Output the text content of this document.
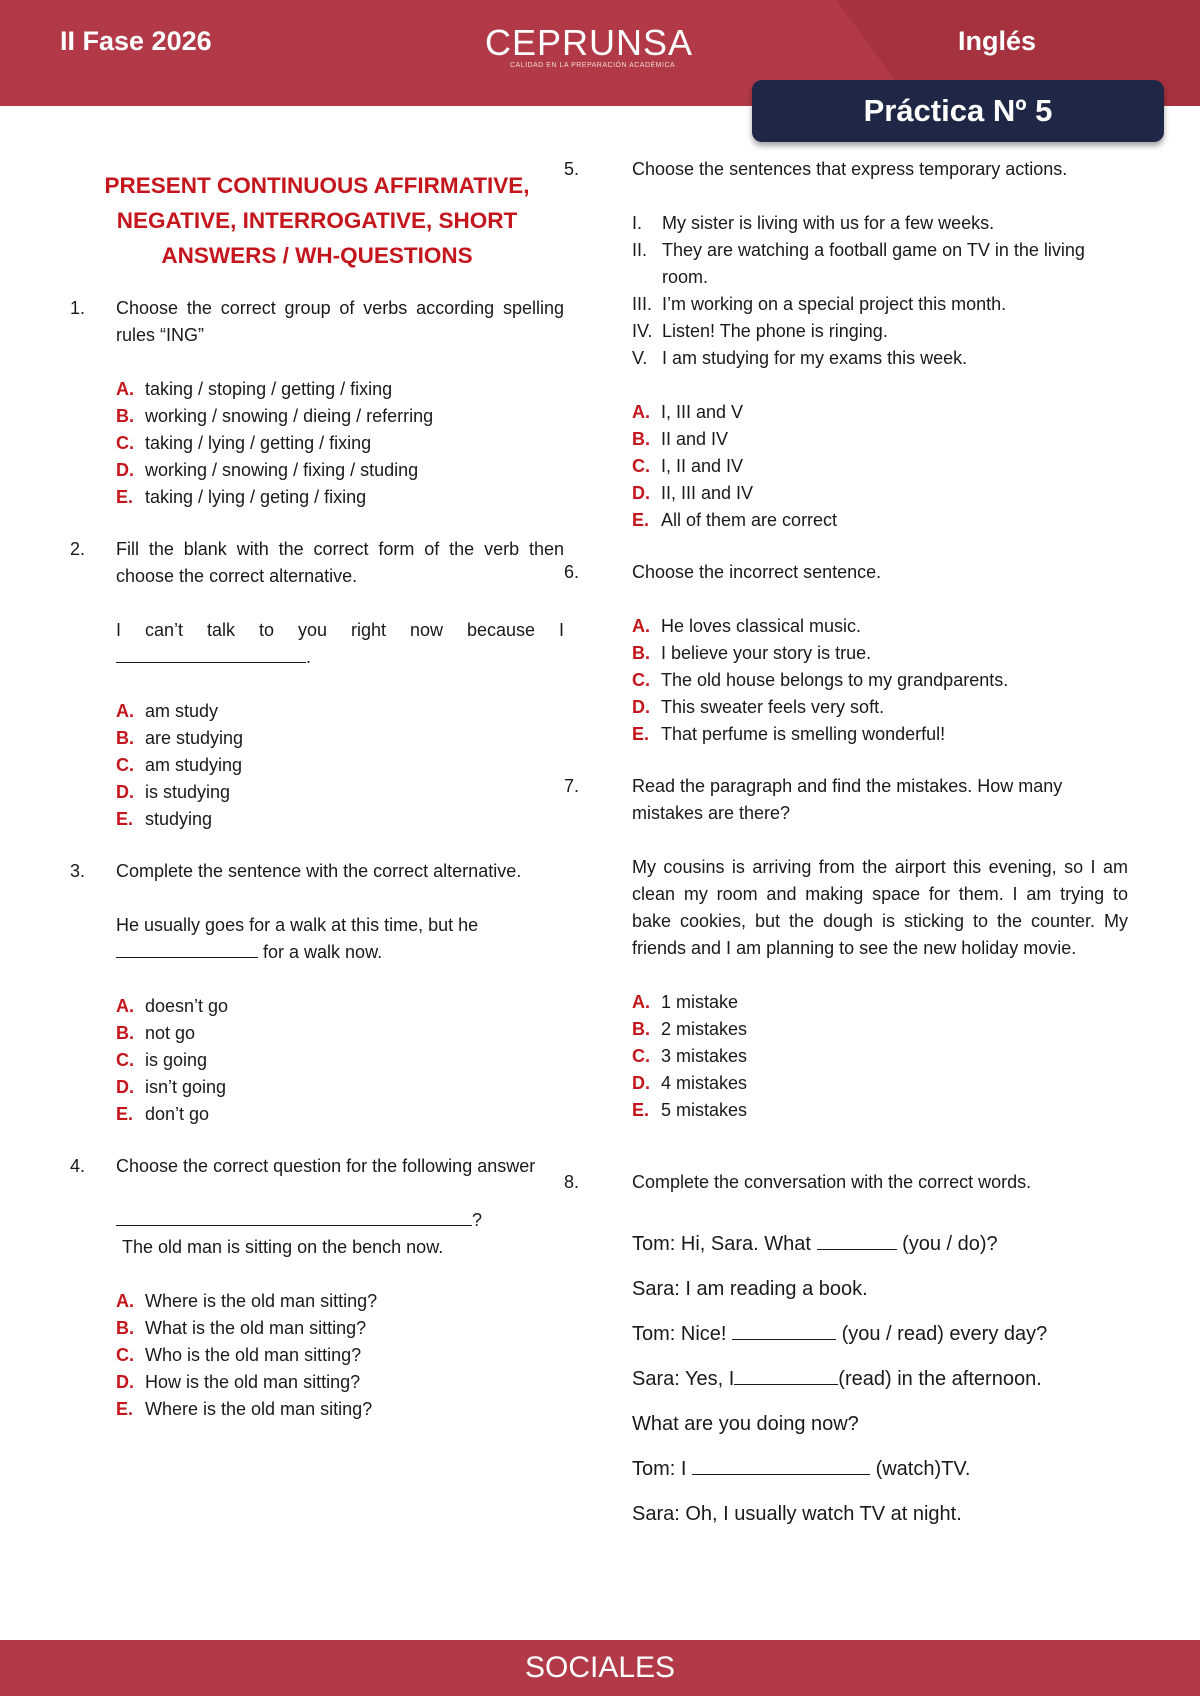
II Fase 2026	CEPRUNSA
CALIDAD EN LA PREPARACIÓN ACADÉMICA
Inglés
Práctica Nº 5
PRESENT CONTINUOUS AFFIRMATIVE,
NEGATIVE, INTERROGATIVE, SHORT
ANSWERS / WH-QUESTIONS
1.	Choose the correct group of verbs according spelling rules “ING”
A. taking / stoping / getting / fixing
B. working / snowing / dieing / referring
C. taking / lying / getting / fixing
D. working / snowing / fixing / studing
E. taking / lying / geting / fixing
2.	Fill the blank with the correct form of the verb then choose the correct alternative.
I can’t talk to you right now because I .
A. am study
B. are studying
C. am studying
D. is studying
E. studying
3.	Complete the sentence with the correct alternative.
He usually goes for a walk at this time, but he
for a walk now.
A. doesn’t go
B. not go
C. is going
D. isn’t going
E. don’t go
4.	Choose the correct question for the following answer
?
The old man is sitting on the bench now.
A. Where is the old man sitting?
B. What is the old man sitting?
C. Who is the old man sitting?
D. How is the old man sitting?
E. Where is the old man siting?
5.	Choose the sentences that express temporary actions.
I.	My sister is living with us for a few weeks.
II. They are watching a football game on TV in the living room.
III. I’m working on a special project this month.
IV. Listen! The phone is ringing.
V. I am studying for my exams this week.
A. I, III and V
B. II and IV
C. I, II and IV
D. II, III and IV
E. All of them are correct
6.	Choose the incorrect sentence.
A. He loves classical music.
B. I believe your story is true.
C. The old house belongs to my grandparents.
D. This sweater feels very soft.
E. That perfume is smelling wonderful!
7.	Read the paragraph and find the mistakes. How many mistakes are there?
My cousins is arriving from the airport this evening, so I am clean my room and making space for them. I am trying to bake cookies, but the dough is sticking to the counter. My friends and I am planning to see the new holiday movie.
A. 1 mistake
B. 2 mistakes
C. 3 mistakes
D. 4 mistakes
E. 5 mistakes
8.	Complete the conversation with the correct words.
Tom: Hi, Sara. What	(you / do)?
Sara: I am reading a book.
Tom: Nice!	(you / read) every day?
Sara: Yes, I	(read) in the afternoon.
What are you doing now?
Tom: I	(watch)TV.
Sara: Oh, I usually watch TV at night.
SOCIALES
